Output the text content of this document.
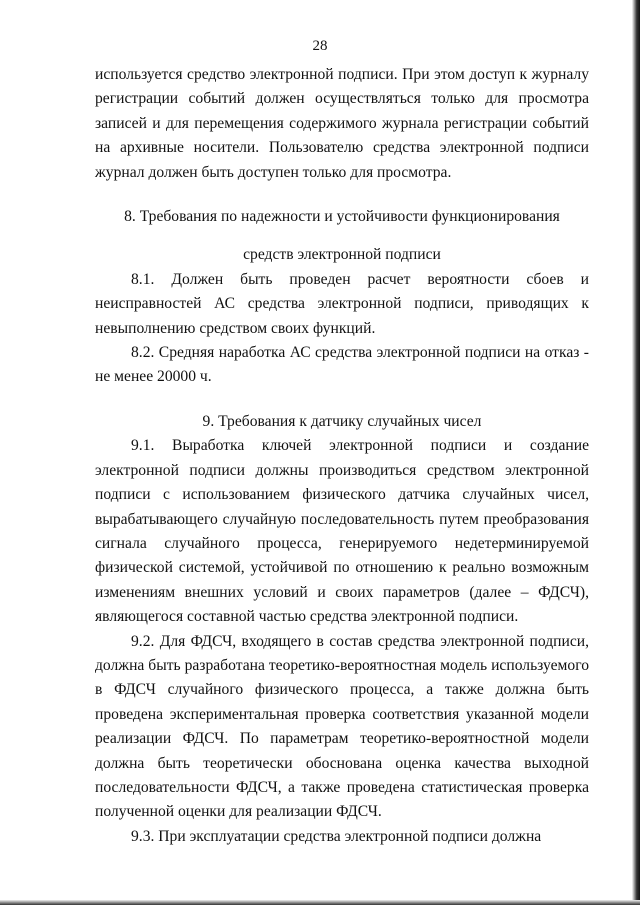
28

используется средство электронной подписи. При этом доступ к журналу регистрации событий должен осуществляться только для просмотра записей и для перемещения содержимого журнала регистрации событий на архивные носители. Пользователю средства электронной подписи журнал должен быть доступен только для просмотра.

8. Требования по надежности и устойчивости функционирования

средств электронной подписи

8.1. Должен быть проведен расчет вероятности сбоев и неисправностей АС средства электронной подписи, приводящих к невыполнению средством своих функций.

8.2. Средняя наработка АС средства электронной подписи на отказ - не менее 20000 ч.

9. Требования к датчику случайных чисел

9.1. Выработка ключей электронной подписи и создание электронной подписи должны производиться средством электронной подписи с использованием физического датчика случайных чисел, вырабатывающего случайную последовательность путем преобразования сигнала случайного процесса, генерируемого недетерминируемой физической системой, устойчивой по отношению к реально возможным изменениям внешних условий и своих параметров (далее – ФДСЧ), являющегося составной частью средства электронной подписи.

9.2. Для ФДСЧ, входящего в состав средства электронной подписи, должна быть разработана теоретико-вероятностная модель используемого в ФДСЧ случайного физического процесса, а также должна быть проведена экспериментальная проверка соответствия указанной модели реализации ФДСЧ. По параметрам теоретико-вероятностной модели должна быть теоретически обоснована оценка качества выходной последовательности ФДСЧ, а также проведена статистическая проверка полученной оценки для реализации ФДСЧ.

9.3. При эксплуатации средства электронной подписи должна
